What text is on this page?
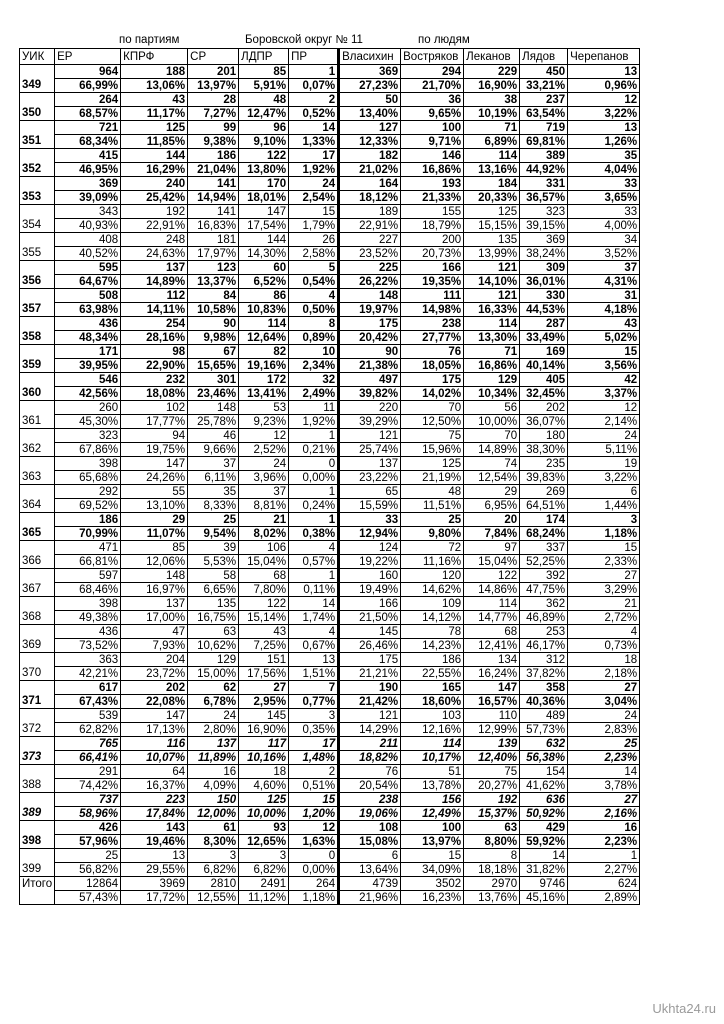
по партиям	Боровской округ № 11	по людям
УИК	ЕР	КПРФ	СР	ЛДПР	ПР	Власихин	Востряков	Леканов	Лядов	Черепанов
	964	188	201	85	1	369	294	229	450	13
349	66,99%	13,06%	13,97%	5,91%	0,07%	27,23%	21,70%	16,90%	33,21%	0,96%
	264	43	28	48	2	50	36	38	237	12
350	68,57%	11,17%	7,27%	12,47%	0,52%	13,40%	9,65%	10,19%	63,54%	3,22%
	721	125	99	96	14	127	100	71	719	13
351	68,34%	11,85%	9,38%	9,10%	1,33%	12,33%	9,71%	6,89%	69,81%	1,26%
	415	144	186	122	17	182	146	114	389	35
352	46,95%	16,29%	21,04%	13,80%	1,92%	21,02%	16,86%	13,16%	44,92%	4,04%
	369	240	141	170	24	164	193	184	331	33
353	39,09%	25,42%	14,94%	18,01%	2,54%	18,12%	21,33%	20,33%	36,57%	3,65%
	343	192	141	147	15	189	155	125	323	33
354	40,93%	22,91%	16,83%	17,54%	1,79%	22,91%	18,79%	15,15%	39,15%	4,00%
	408	248	181	144	26	227	200	135	369	34
355	40,52%	24,63%	17,97%	14,30%	2,58%	23,52%	20,73%	13,99%	38,24%	3,52%
	595	137	123	60	5	225	166	121	309	37
356	64,67%	14,89%	13,37%	6,52%	0,54%	26,22%	19,35%	14,10%	36,01%	4,31%
	508	112	84	86	4	148	111	121	330	31
357	63,98%	14,11%	10,58%	10,83%	0,50%	19,97%	14,98%	16,33%	44,53%	4,18%
	436	254	90	114	8	175	238	114	287	43
358	48,34%	28,16%	9,98%	12,64%	0,89%	20,42%	27,77%	13,30%	33,49%	5,02%
	171	98	67	82	10	90	76	71	169	15
359	39,95%	22,90%	15,65%	19,16%	2,34%	21,38%	18,05%	16,86%	40,14%	3,56%
	546	232	301	172	32	497	175	129	405	42
360	42,56%	18,08%	23,46%	13,41%	2,49%	39,82%	14,02%	10,34%	32,45%	3,37%
	260	102	148	53	11	220	70	56	202	12
361	45,30%	17,77%	25,78%	9,23%	1,92%	39,29%	12,50%	10,00%	36,07%	2,14%
	323	94	46	12	1	121	75	70	180	24
362	67,86%	19,75%	9,66%	2,52%	0,21%	25,74%	15,96%	14,89%	38,30%	5,11%
	398	147	37	24	0	137	125	74	235	19
363	65,68%	24,26%	6,11%	3,96%	0,00%	23,22%	21,19%	12,54%	39,83%	3,22%
	292	55	35	37	1	65	48	29	269	6
364	69,52%	13,10%	8,33%	8,81%	0,24%	15,59%	11,51%	6,95%	64,51%	1,44%
	186	29	25	21	1	33	25	20	174	3
365	70,99%	11,07%	9,54%	8,02%	0,38%	12,94%	9,80%	7,84%	68,24%	1,18%
	471	85	39	106	4	124	72	97	337	15
366	66,81%	12,06%	5,53%	15,04%	0,57%	19,22%	11,16%	15,04%	52,25%	2,33%
	597	148	58	68	1	160	120	122	392	27
367	68,46%	16,97%	6,65%	7,80%	0,11%	19,49%	14,62%	14,86%	47,75%	3,29%
	398	137	135	122	14	166	109	114	362	21
368	49,38%	17,00%	16,75%	15,14%	1,74%	21,50%	14,12%	14,77%	46,89%	2,72%
	436	47	63	43	4	145	78	68	253	4
369	73,52%	7,93%	10,62%	7,25%	0,67%	26,46%	14,23%	12,41%	46,17%	0,73%
	363	204	129	151	13	175	186	134	312	18
370	42,21%	23,72%	15,00%	17,56%	1,51%	21,21%	22,55%	16,24%	37,82%	2,18%
	617	202	62	27	7	190	165	147	358	27
371	67,43%	22,08%	6,78%	2,95%	0,77%	21,42%	18,60%	16,57%	40,36%	3,04%
	539	147	24	145	3	121	103	110	489	24
372	62,82%	17,13%	2,80%	16,90%	0,35%	14,29%	12,16%	12,99%	57,73%	2,83%
	765	116	137	117	17	211	114	139	632	25
373	66,41%	10,07%	11,89%	10,16%	1,48%	18,82%	10,17%	12,40%	56,38%	2,23%
	291	64	16	18	2	76	51	75	154	14
388	74,42%	16,37%	4,09%	4,60%	0,51%	20,54%	13,78%	20,27%	41,62%	3,78%
	737	223	150	125	15	238	156	192	636	27
389	58,96%	17,84%	12,00%	10,00%	1,20%	19,06%	12,49%	15,37%	50,92%	2,16%
	426	143	61	93	12	108	100	63	429	16
398	57,96%	19,46%	8,30%	12,65%	1,63%	15,08%	13,97%	8,80%	59,92%	2,23%
	25	13	3	3	0	6	15	8	14	1
399	56,82%	29,55%	6,82%	6,82%	0,00%	13,64%	34,09%	18,18%	31,82%	2,27%
Итого	12864	3969	2810	2491	264	4739	3502	2970	9746	624
	57,43%	17,72%	12,55%	11,12%	1,18%	21,96%	16,23%	13,76%	45,16%	2,89%
Ukhta24.ru
